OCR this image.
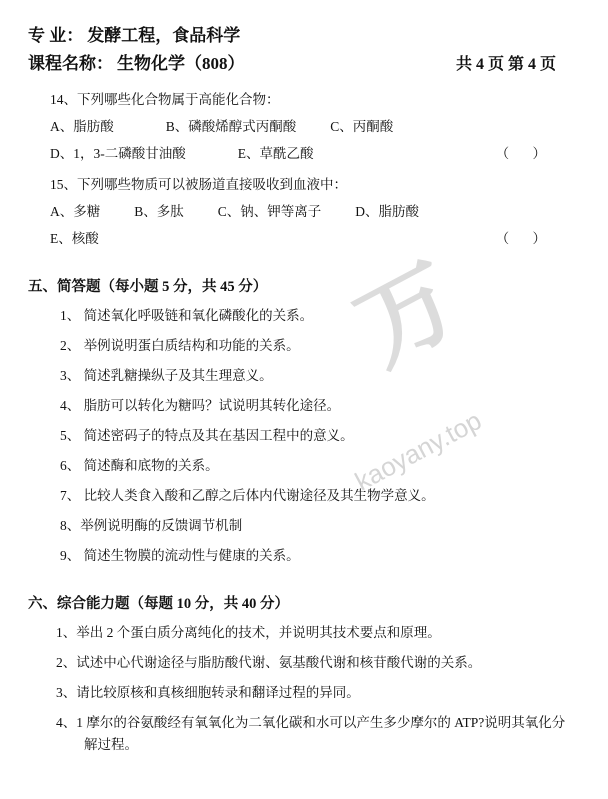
万
kaoyany.top
专 业： 发酵工程，食品科学
课程名称： 生物化学（808）	共 4 页 第 4 页
14、下列哪些化合物属于高能化合物：
A、脂肪酸	B、磷酸烯醇式丙酮酸	C、丙酮酸
D、1，3-二磷酸甘油酸	E、草酰乙酸	（ ）
15、下列哪些物质可以被肠道直接吸收到血液中：
A、多糖	B、多肽	C、钠、钾等离子	D、脂肪酸
E、核酸	（ ）
五、简答题（每小题 5 分，共 45 分）
1、 简述氧化呼吸链和氧化磷酸化的关系。
2、 举例说明蛋白质结构和功能的关系。
3、 简述乳糖操纵子及其生理意义。
4、 脂肪可以转化为糖吗？试说明其转化途径。
5、 简述密码子的特点及其在基因工程中的意义。
6、 简述酶和底物的关系。
7、 比较人类食入酸和乙醇之后体内代谢途径及其生物学意义。
8、举例说明酶的反馈调节机制
9、 简述生物膜的流动性与健康的关系。
六、综合能力题（每题 10 分，共 40 分）
1、举出 2 个蛋白质分离纯化的技术，并说明其技术要点和原理。
2、试述中心代谢途径与脂肪酸代谢、氨基酸代谢和核苷酸代谢的关系。
3、请比较原核和真核细胞转录和翻译过程的异同。
4、1 摩尔的谷氨酸经有氧氧化为二氧化碳和水可以产生多少摩尔的 ATP?说明其氧化分
解过程。
